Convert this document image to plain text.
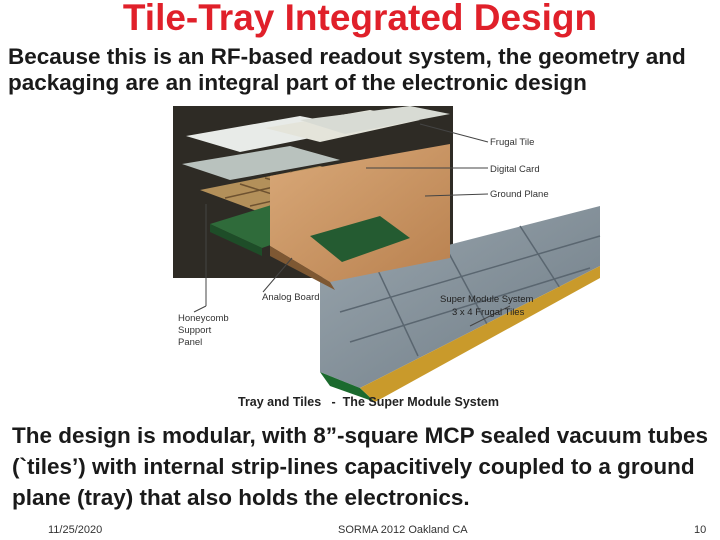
Tile-Tray Integrated Design
Because this is an RF-based readout system, the geometry and packaging are an integral part of the electronic design
Frugal Tile
Digital Card
Ground Plane
Analog Board
Honeycomb Support Panel
Super Module System
3 x 4 Frugal Tiles
Tray and Tiles   -  The Super Module System
The design is modular, with 8”-square MCP sealed vacuum tubes (`tiles’) with internal strip-lines capacitively coupled to a ground plane (tray) that also holds the electronics.
11/25/2020	SORMA 2012 Oakland CA	10
